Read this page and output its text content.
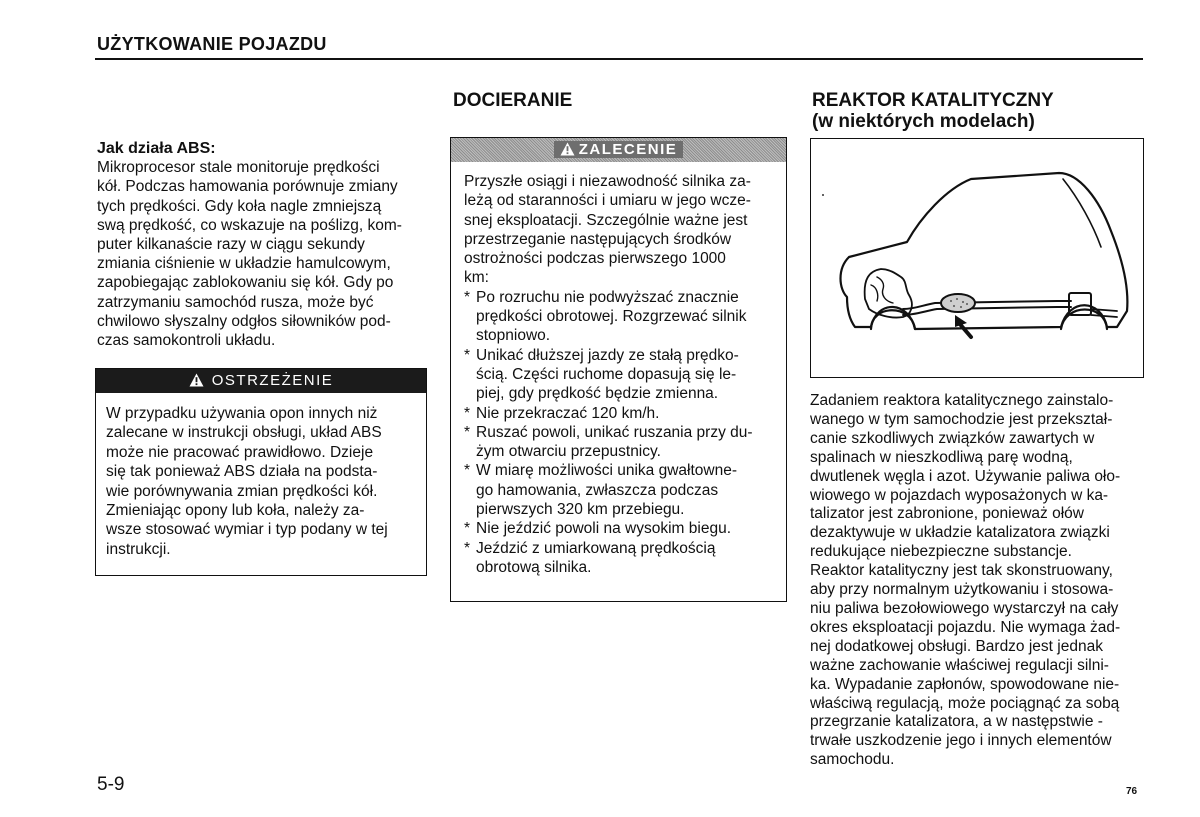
UŻYTKOWANIE POJAZDU

Jak działa ABS:

Mikroprocesor stale monitoruje prędkości
kół. Podczas hamowania porównuje zmiany
tych prędkości. Gdy koła nagle zmniejszą
swą prędkość, co wskazuje na poślizg, kom-
puter kilkanaście razy w ciągu sekundy
zmiania ciśnienie w układzie hamulcowym,
zapobiegając zablokowaniu się kół. Gdy po
zatrzymaniu samochód rusza, może być
chwilowo słyszalny odgłos siłowników pod-
czas samokontroli układu.
OSTRZEŻENIE
W przypadku używania opon innych niż
zalecane w instrukcji obsługi, układ ABS
może nie pracować prawidłowo. Dzieje
się tak ponieważ ABS działa na podsta-
wie porównywania zmian prędkości kół.
Zmieniając opony lub koła, należy za-
wsze stosować wymiar i typ podany w tej
instrukcji.
DOCIERANIE
ZALECENIE
Przyszłe osiągi i niezawodność silnika za-
leżą od staranności i umiaru w jego wcze-
snej eksploatacji. Szczególnie ważne jest
przestrzeganie następujących środków
ostrożności podczas pierwszego 1000
km:
* Po rozruchu nie podwyższać znacznie
prędkości obrotowej. Rozgrzewać silnik
stopniowo.
* Unikać dłuższej jazdy ze stałą prędko-
ścią. Części ruchome dopasują się le-
piej, gdy prędkość będzie zmienna.
* Nie przekraczać 120 km/h.
* Ruszać powoli, unikać ruszania przy du-
żym otwarciu przepustnicy.
* W miarę możliwości unika gwałtowne-
go hamowania, zwłaszcza podczas
pierwszych 320 km przebiegu.
* Nie jeździć powoli na wysokim biegu.
* Jeździć z umiarkowaną prędkością
obrotową silnika.
REAKTOR KATALITYCZNY
(w niektórych modelach)
Zadaniem reaktora katalitycznego zainstalo-
wanego w tym samochodzie jest przekształ-
canie szkodliwych związków zawartych w
spalinach w nieszkodliwą parę wodną,
dwutlenek węgla i azot. Używanie paliwa oło-
wiowego w pojazdach wyposażonych w ka-
talizator jest zabronione, ponieważ ołów
dezaktywuje w układzie katalizatora związki
redukujące niebezpieczne substancje.
Reaktor katalityczny jest tak skonstruowany,
aby przy normalnym użytkowaniu i stosowa-
niu paliwa bezołowiowego wystarczył na cały
okres eksploatacji pojazdu. Nie wymaga żad-
nej dodatkowej obsługi. Bardzo jest jednak
ważne zachowanie właściwej regulacji silni-
ka. Wypadanie zapłonów, spowodowane nie-
właściwą regulacją, może pociągnąć za sobą
przegrzanie katalizatora, a w następstwie -
trwałe uszkodzenie jego i innych elementów
samochodu.
5-9	76
